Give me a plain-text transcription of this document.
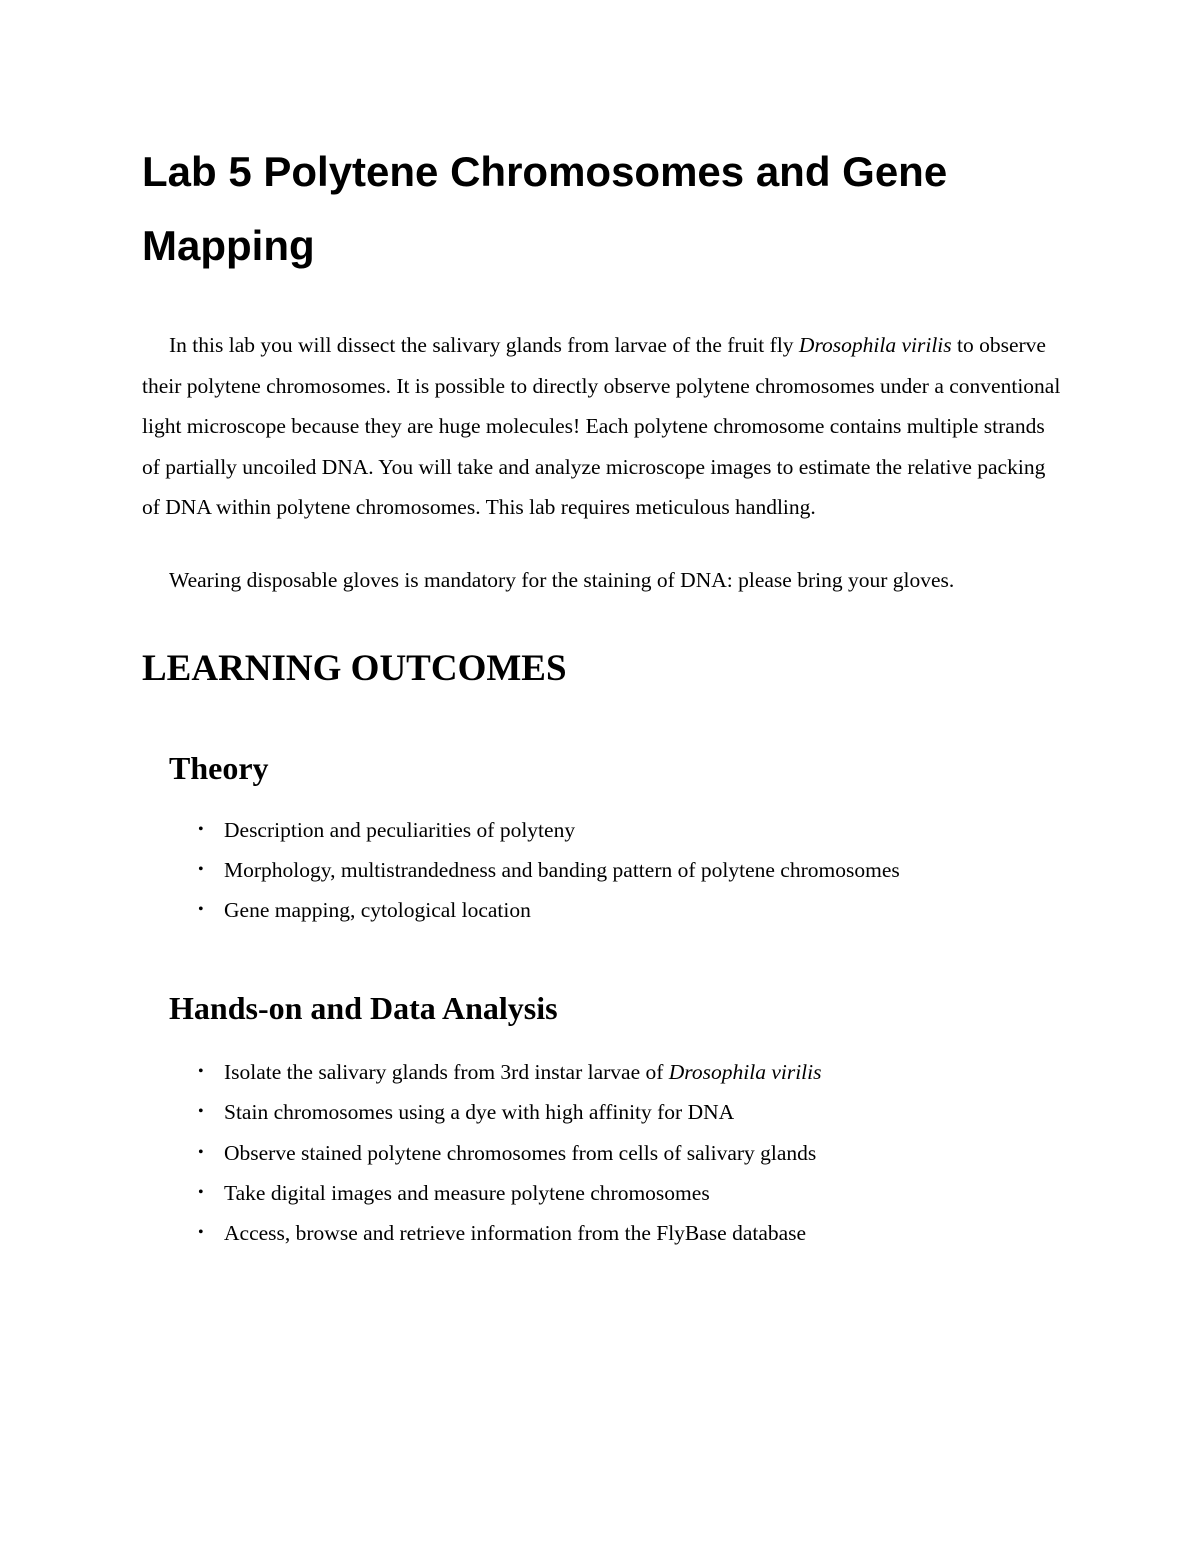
Lab 5 Polytene Chromosomes and Gene Mapping

In this lab you will dissect the salivary glands from larvae of the fruit fly Drosophila virilis to observe their polytene chromosomes. It is possible to directly observe polytene chromosomes under a conventional light microscope because they are huge molecules! Each polytene chromosome contains multiple strands of partially uncoiled DNA. You will take and analyze microscope images to estimate the relative packing of DNA within polytene chromosomes. This lab requires meticulous handling.

Wearing disposable gloves is mandatory for the staining of DNA: please bring your gloves.

LEARNING OUTCOMES
Theory
• Description and peculiarities of polyteny
• Morphology, multistrandedness and banding pattern of polytene chromosomes
• Gene mapping, cytological location
Hands-on and Data Analysis
• Isolate the salivary glands from 3rd instar larvae of Drosophila virilis
• Stain chromosomes using a dye with high affinity for DNA
• Observe stained polytene chromosomes from cells of salivary glands
• Take digital images and measure polytene chromosomes
• Access, browse and retrieve information from the FlyBase database
